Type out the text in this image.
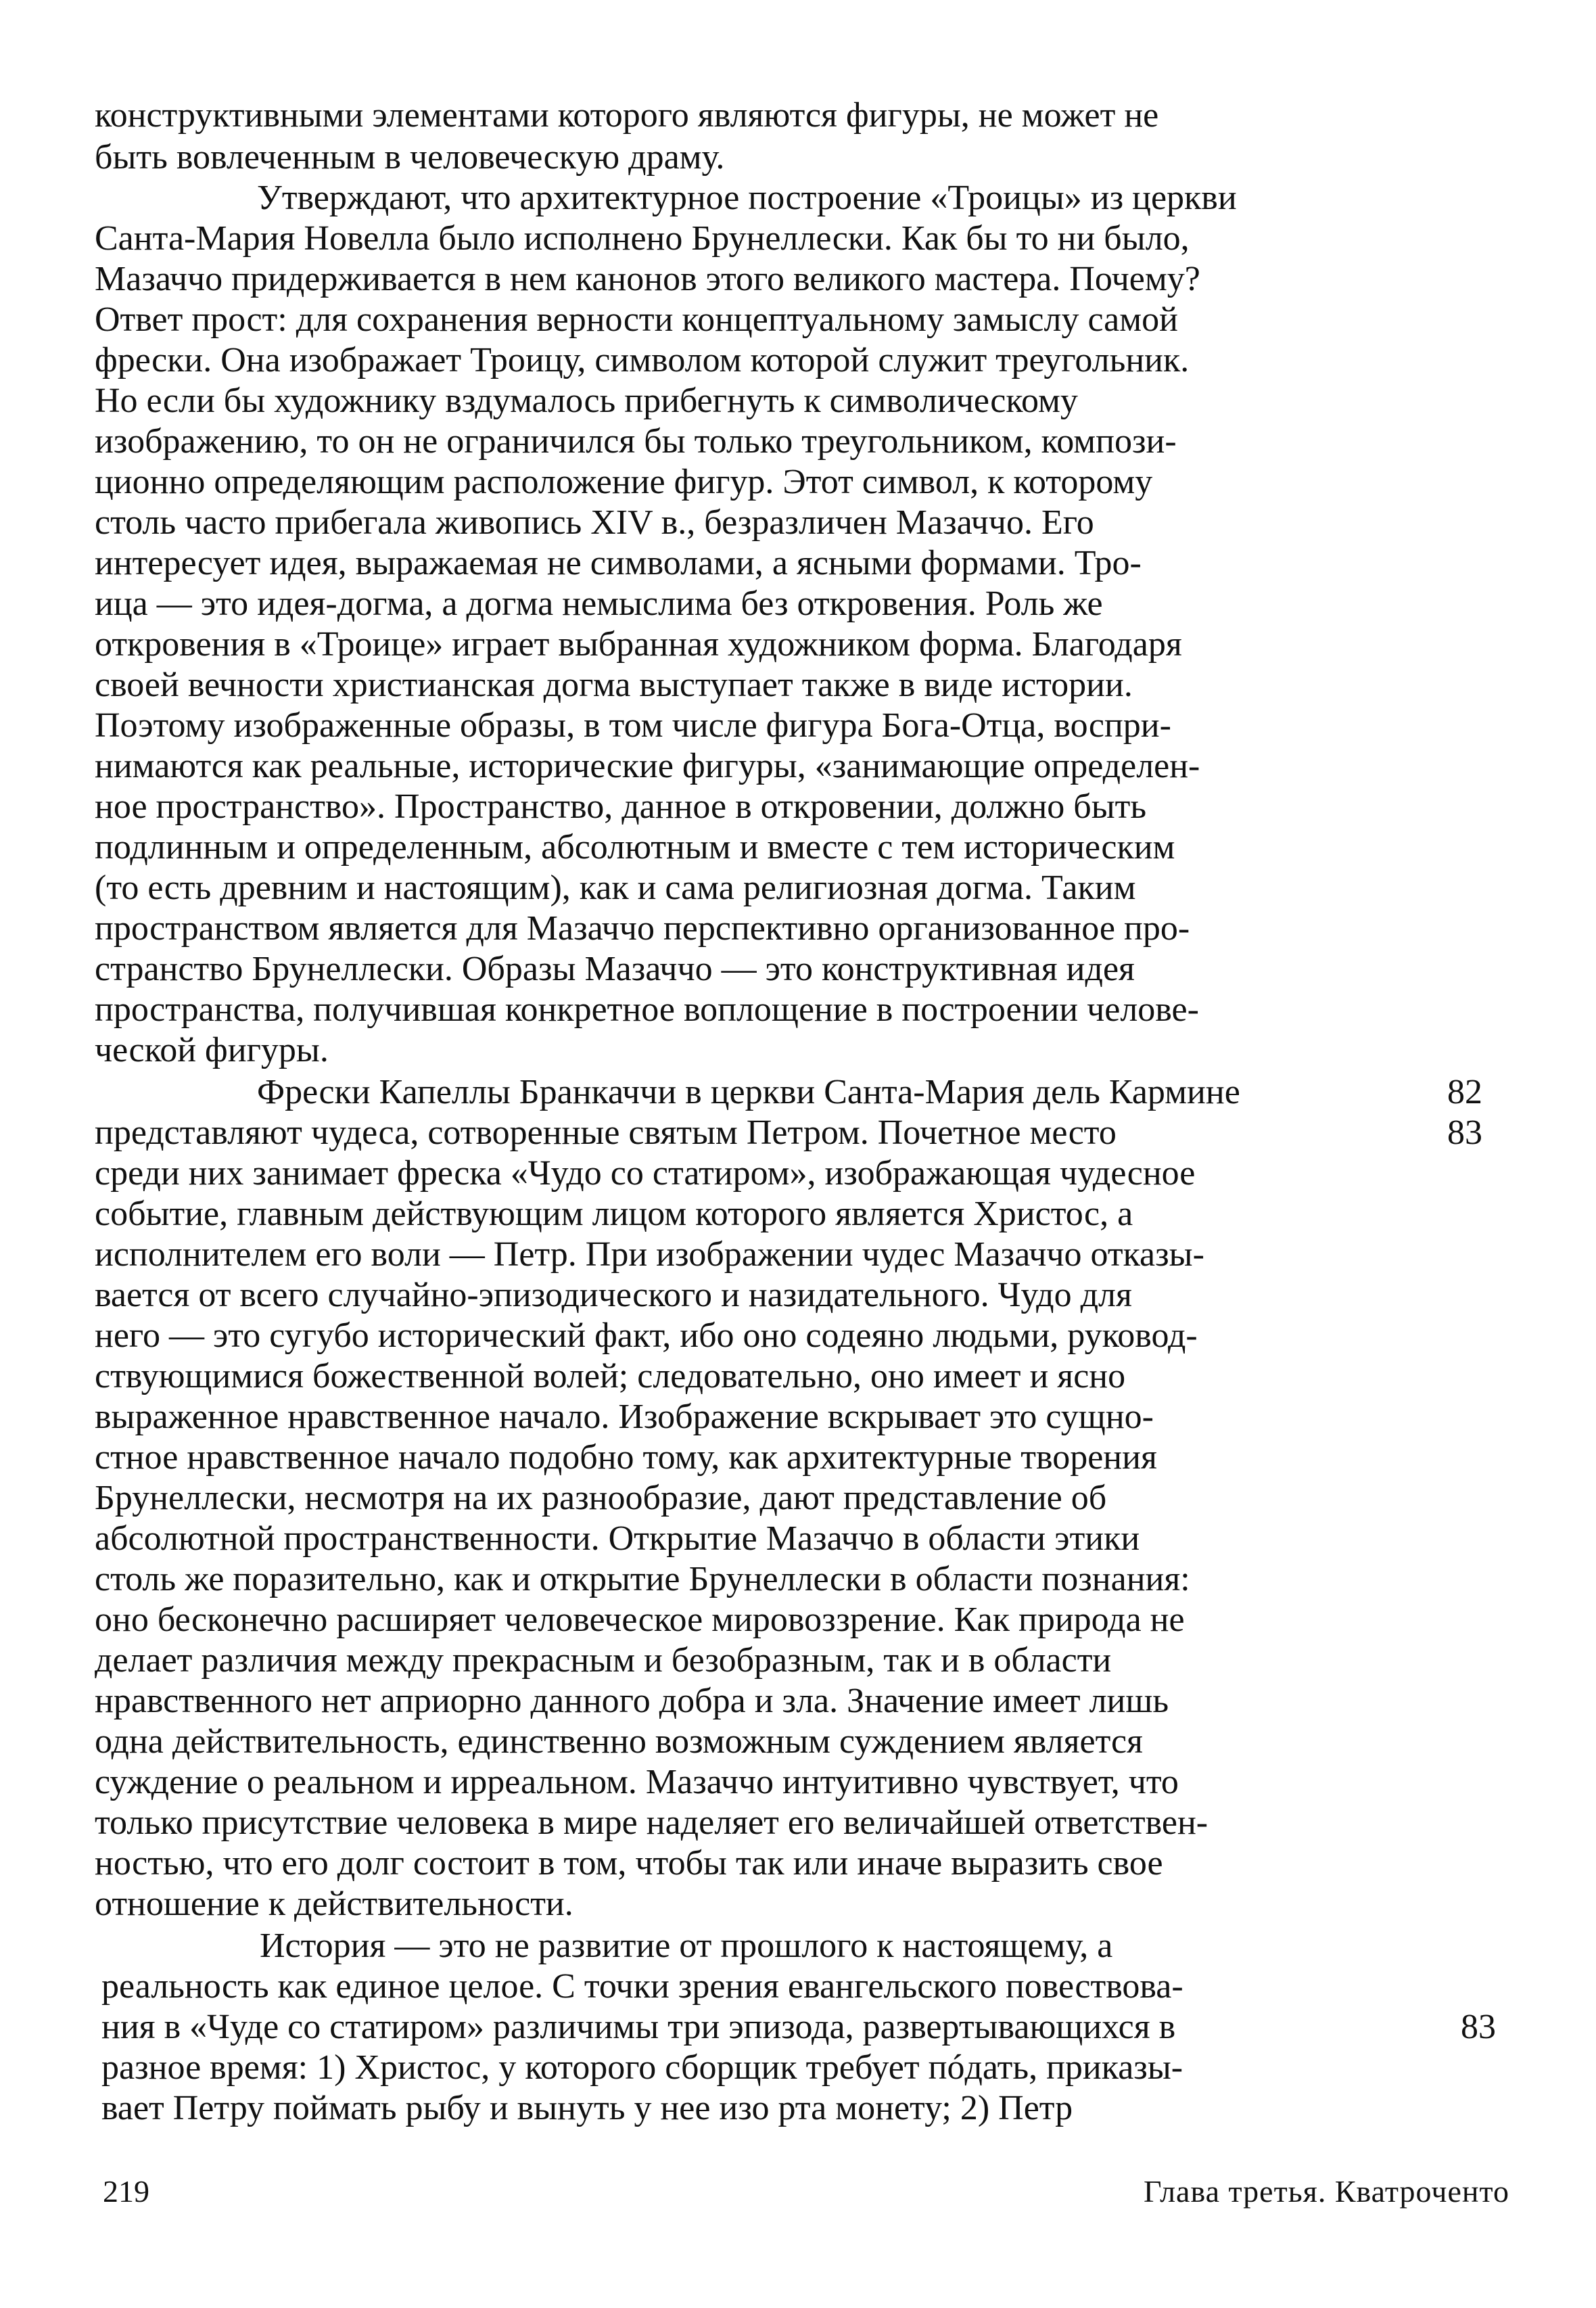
конструктивными элементами которого являются фигуры, не может не
быть вовлеченным в человеческую драму.
Утверждают, что архитектурное построение «Троицы» из церкви
Санта-Мария Новелла было исполнено Брунеллески. Как бы то ни было,
Мазаччо придерживается в нем канонов этого великого мастера. Почему?
Ответ прост: для сохранения верности концептуальному замыслу самой
фрески. Она изображает Троицу, символом которой служит треугольник.
Но если бы художнику вздумалось прибегнуть к символическому
изображению, то он не ограничился бы только треугольником, компози-
ционно определяющим расположение фигур. Этот символ, к которому
столь часто прибегала живопись XIV в., безразличен Мазаччо. Его
интересует идея, выражаемая не символами, а ясными формами. Тро-
ица — это идея-догма, а догма немыслима без откровения. Роль же
откровения в «Троице» играет выбранная художником форма. Благодаря
своей вечности христианская догма выступает также в виде истории.
Поэтому изображенные образы, в том числе фигура Бога-Отца, воспри-
нимаются как реальные, исторические фигуры, «занимающие определен-
ное пространство». Пространство, данное в откровении, должно быть
подлинным и определенным, абсолютным и вместе с тем историческим
(то есть древним и настоящим), как и сама религиозная догма. Таким
пространством является для Мазаччо перспективно организованное про-
странство Брунеллески. Образы Мазаччо — это конструктивная идея
пространства, получившая конкретное воплощение в построении челове-
ческой фигуры.
Фрески Капеллы Бранкаччи в церкви Санта-Мария дель Кармине
представляют чудеса, сотворенные святым Петром. Почетное место
среди них занимает фреска «Чудо со статиром», изображающая чудесное
событие, главным действующим лицом которого является Христос, а
исполнителем его воли — Петр. При изображении чудес Мазаччо отказы-
вается от всего случайно-эпизодического и назидательного. Чудо для
него — это сугубо исторический факт, ибо оно содеяно людьми, руковод-
ствующимися божественной волей; следовательно, оно имеет и ясно
выраженное нравственное начало. Изображение вскрывает это сущно-
стное нравственное начало подобно тому, как архитектурные творения
Брунеллески, несмотря на их разнообразие, дают представление об
абсолютной пространственности. Открытие Мазаччо в области этики
столь же поразительно, как и открытие Брунеллески в области познания:
оно бесконечно расширяет человеческое мировоззрение. Как природа не
делает различия между прекрасным и безобразным, так и в области
нравственного нет априорно данного добра и зла. Значение имеет лишь
одна действительность, единственно возможным суждением является
суждение о реальном и ирреальном. Мазаччо интуитивно чувствует, что
только присутствие человека в мире наделяет его величайшей ответствен-
ностью, что его долг состоит в том, чтобы так или иначе выразить свое
отношение к действительности.
История — это не развитие от прошлого к настоящему, а
реальность как единое целое. С точки зрения евангельского повествова-
ния в «Чуде со статиром» различимы три эпизода, развертывающихся в
разное время: 1) Христос, у которого сборщик требует пóдать, приказы-
вает Петру поймать рыбу и вынуть у нее изо рта монету; 2) Петр
82
83
83
219	Глава третья. Кватроченто
